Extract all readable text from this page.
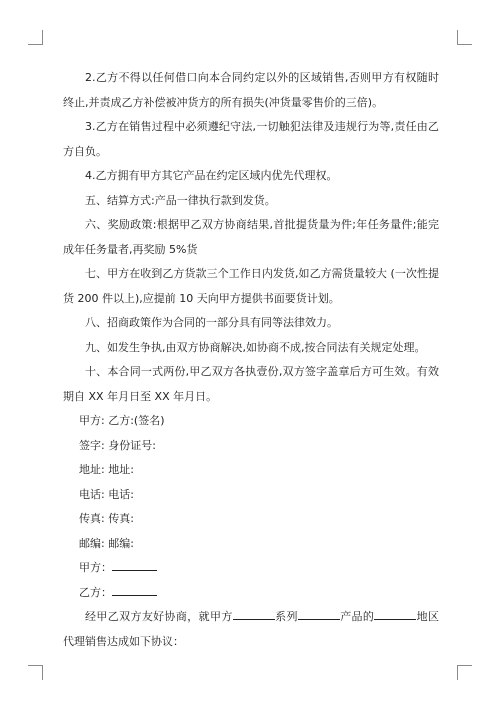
2.乙方不得以任何借口向本合同约定以外的区域销售,否则甲方有权随时终止,并责成乙方补偿被冲货方的所有损失(冲货量零售价的三倍)。

3.乙方在销售过程中必须遵纪守法,一切触犯法律及违规行为等,责任由乙方自负。

4.乙方拥有甲方其它产品在约定区域内优先代理权。

五、结算方式:产品一律执行款到发货。

六、奖励政策:根据甲乙双方协商结果,首批提货量为件;年任务量件;能完成年任务量者,再奖励 5%货

七、甲方在收到乙方货款三个工作日内发货,如乙方需货量较大 (一次性提货 200 件以上),应提前 10 天向甲方提供书面要货计划。

八、招商政策作为合同的一部分具有同等法律效力。

九、如发生争执,由双方协商解决,如协商不成,按合同法有关规定处理。

十、本合同一式两份,甲乙双方各执壹份,双方签字盖章后方可生效。有效期自 XX 年月日至 XX 年月日。

甲方: 乙方:(签名)

签字: 身份证号:

地址: 地址:

电话: 电话:

传真: 传真:

邮编: 邮编:

甲方：

乙方：

经甲乙双方友好协商，就甲方	系列	产品的	地区代理销售达成如下协议：
